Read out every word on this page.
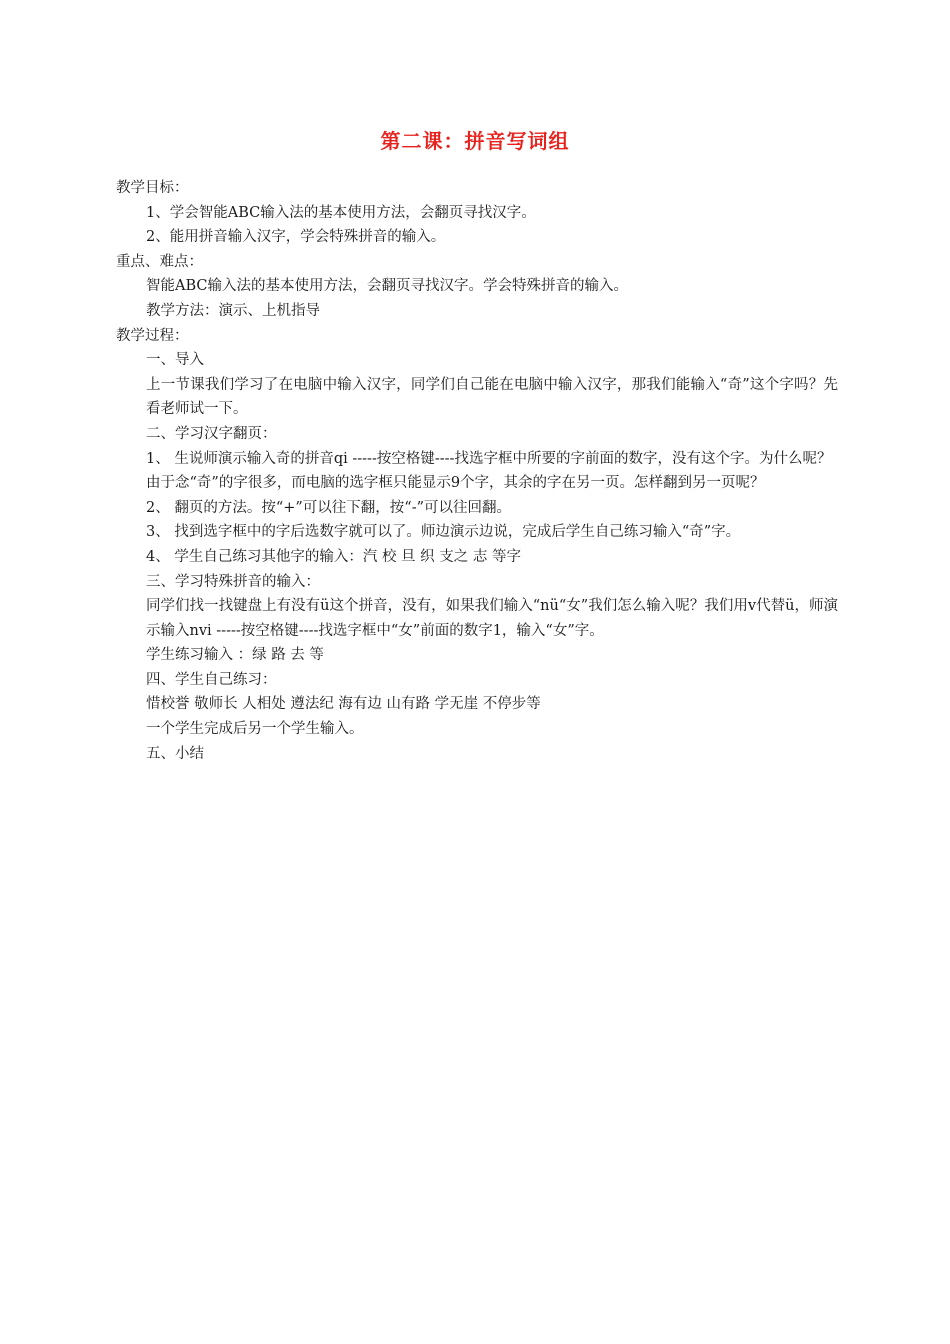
第二课：拼音写词组
教学目标：
1、学会智能ABC输入法的基本使用方法，会翻页寻找汉字。
2、能用拼音输入汉字，学会特殊拼音的输入。
重点、难点：
智能ABC输入法的基本使用方法，会翻页寻找汉字。学会特殊拼音的输入。
教学方法：演示、上机指导
教学过程：
一、导入
上一节课我们学习了在电脑中输入汉字，同学们自己能在电脑中输入汉字，那我们能输入“奇”这个字吗？先看老师试一下。
二、学习汉字翻页：
1、 生说师演示输入奇的拼音qi -----按空格键----找选字框中所要的字前面的数字，没有这个字。为什么呢？
由于念“奇”的字很多，而电脑的选字框只能显示9个字，其余的字在另一页。怎样翻到另一页呢？
2、 翻页的方法。按“+”可以往下翻，按“-”可以往回翻。
3、 找到选字框中的字后选数字就可以了。师边演示边说，完成后学生自己练习输入“奇”字。
4、 学生自己练习其他字的输入：汽 校 旦 织 支之 志 等字
三、学习特殊拼音的输入：
同学们找一找键盘上有没有ü这个拼音，没有，如果我们输入“nü“女”我们怎么输入呢？我们用v代替ü，师演示输入nvi -----按空格键----找选字框中“女”前面的数字1，输入“女”字。
学生练习输入 ：绿 路 去 等
四、学生自己练习：
惜校誉 敬师长 人相处 遵法纪 海有边 山有路 学无崖 不停步等
一个学生完成后另一个学生输入。
五、小结
